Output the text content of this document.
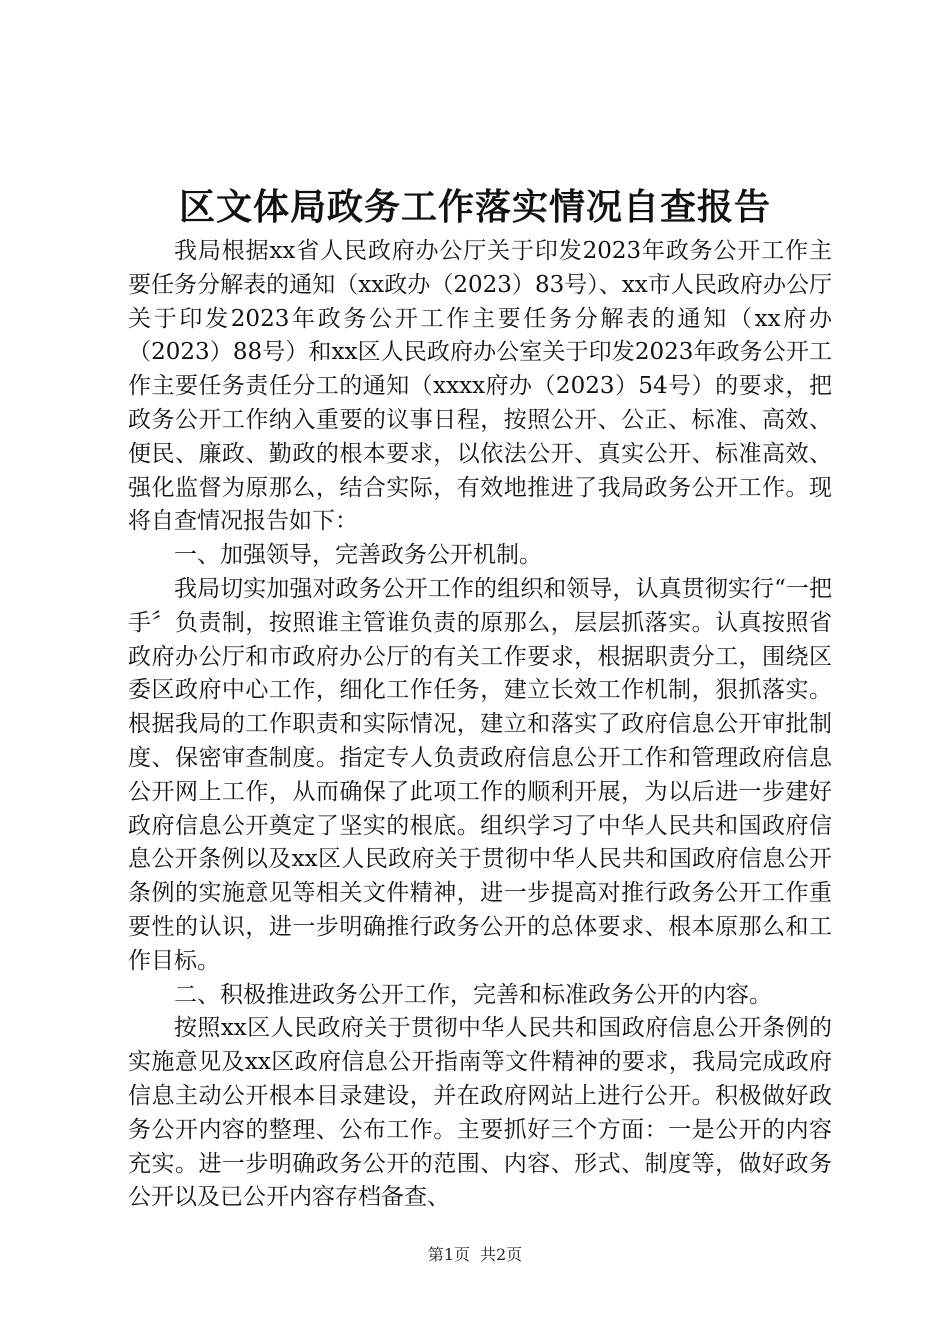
区文体局政务工作落实情况自查报告

我局根据xx省人民政府办公厅关于印发2023年政务公开工作主要任务分解表的通知（xx政办（2023）83号）、xx市人民政府办公厅关于印发2023年政务公开工作主要任务分解表的通知（xx府办（2023）88号）和xx区人民政府办公室关于印发2023年政务公开工作主要任务责任分工的通知（xxxx府办（2023）54号）的要求，把政务公开工作纳入重要的议事日程，按照公开、公正、标准、高效、便民、廉政、勤政的根本要求，以依法公开、真实公开、标准高效、强化监督为原那么，结合实际，有效地推进了我局政务公开工作。现将自查情况报告如下：

一、加强领导，完善政务公开机制。

我局切实加强对政务公开工作的组织和领导，认真贯彻实行“一把手〞负责制，按照谁主管谁负责的原那么，层层抓落实。认真按照省政府办公厅和市政府办公厅的有关工作要求，根据职责分工，围绕区委区政府中心工作，细化工作任务，建立长效工作机制，狠抓落实。根据我局的工作职责和实际情况，建立和落实了政府信息公开审批制度、保密审查制度。指定专人负责政府信息公开工作和管理政府信息公开网上工作，从而确保了此项工作的顺利开展，为以后进一步建好政府信息公开奠定了坚实的根底。组织学习了中华人民共和国政府信息公开条例以及xx区人民政府关于贯彻中华人民共和国政府信息公开条例的实施意见等相关文件精神，进一步提高对推行政务公开工作重要性的认识，进一步明确推行政务公开的总体要求、根本原那么和工作目标。

二、积极推进政务公开工作，完善和标准政务公开的内容。

按照xx区人民政府关于贯彻中华人民共和国政府信息公开条例的实施意见及xx区政府信息公开指南等文件精神的要求，我局完成政府信息主动公开根本目录建设，并在政府网站上进行公开。积极做好政务公开内容的整理、公布工作。主要抓好三个方面：一是公开的内容充实。进一步明确政务公开的范围、内容、形式、制度等，做好政务公开以及已公开内容存档备查、

第1页 共2页
